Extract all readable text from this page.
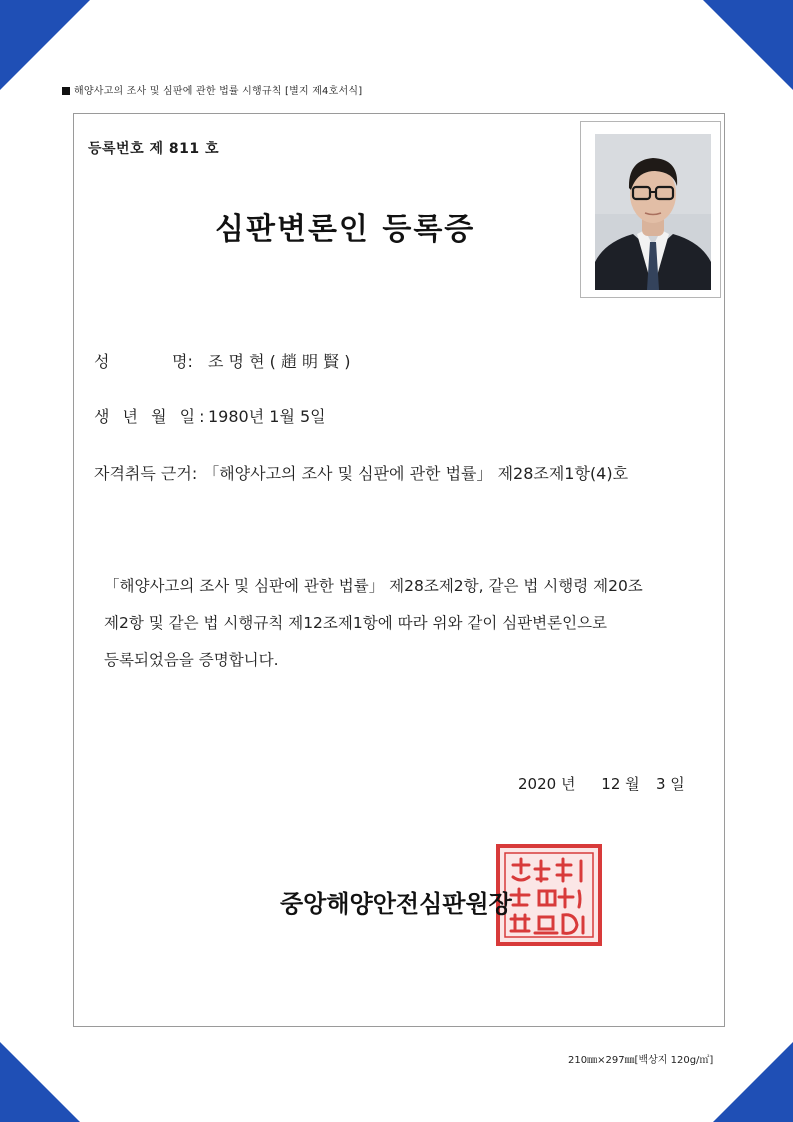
해양사고의 조사 및 심판에 관한 법률 시행규칙 [별지 제4호서식]
등록번호 제 811 호
심판변론인 등록증
성	명: 조 명 현 ( 趙 明 賢 )
생 년 월 일:1980년 1월 5일
자격취득 근거: 「해양사고의 조사 및 심판에 관한 법률」 제28조제1항(4)호
「해양사고의 조사 및 심판에 관한 법률」 제28조제2항, 같은 법 시행령 제20조
제2항 및 같은 법 시행규칙 제12조제1항에 따라 위와 같이 심판변론인으로
등록되었음을 증명합니다.
2020 년 12 월 3 일
중앙해양안전심판원장
210㎜×297㎜[백상지 120g/㎡]
